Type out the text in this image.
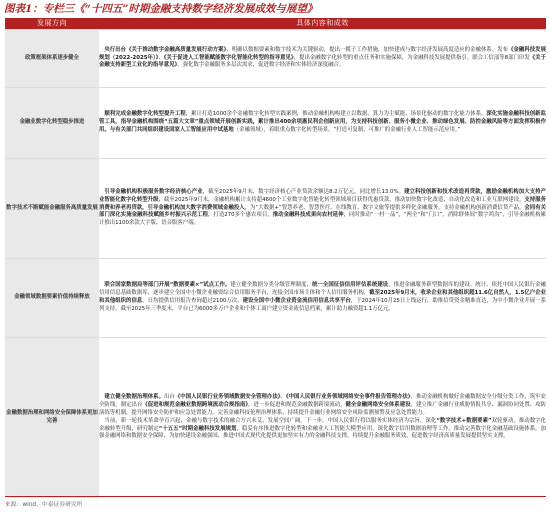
图表1：专栏三《“十四五”时期金融支持数字经济发展成效与展望》
发展方向	具体内容和成效
政策框架体系逐步健全	央行出台《关于推动数字金融高质量发展行动方案》，明确以数据要素和数字技术为关键驱动，提出一揽子工作措施，加快建成与数字经济发展高度适应的金融体系。发布《金融科技发展规划（2022-2025年）》、《关于促进人工智能赋能数字化智能化转型的指导意见》，提出金融数字化转型的重点任务和实施保障，为金融科技发展提供指引。联合工信部等8部门印发《关于金融支持新型工业化的指导意见》，强化数字金融服务多层次需求，促进数字经济和实体经济深度融合。

金融业数字化转型稳步推进	顺利完成金融数字化转型提升工程，累计打造1000余个金融数字化转型实践案例，推动金融机构构建立以数据、算力为主赋能、场景化驱动的数字化能力体系。深化实施金融科技创新监管工具，指导金融机构围绕“五篇大文章”重点领域开展创新实践，累计推出400余项惠民利企创新应用，为支持科技创新、服务小微企业、推动绿色发展、防控金融风险等方面发挥积极作用。与有关部门共同组织建设国家人工智能应用中试基地（金融领域），着眼重点数字化转型场景，“打造可复制、可推广的金融行业人工智能示范应用。”

数字技术不断赋能金融服务高质量发展	引导金融机构积极服务数字经济核心产业，截至2025年9月末，数字经济核心产业贷款余额达8.2万亿元，同比增长13.0%。建立科技创新和技术改造再贷款，激励金融机构加大支持产业智能化数字化转型升级，截至2025年9月末，金融机构累计支持超4600个工业数字化智能化转型领域项目获得优惠贷款，推动加快数字化改造、自动化改造和工业互联网建设。支持服务消费和养老再贷款，引导金融机构加大数字消费领域金融投入，为“大数据+”智慧养老、智慧医疗、在线教育、数字文旅等提供多样化金融服务。支持金融机构创新消费信贷产品。会同有关部门深化实施金融科技赋能乡村振兴示范工程，打造270多个惠农项目，推动金融科技成果向农村延伸，同时推动“一村一品”，“两全”和“门口”，消除群体间“数字鸿沟”，引导金融机构累计推出1100余款大字版、语音版客户端。

金融领域数据要素价值持续释放	联合国家数据局等部门开展“数据要素×”试点工作。建立健全数据分类分级管理制度，统一全国征信信用评估系统建设，推进金融服务新型数据库的建设。统计、依托中国人民银行金融信用信息基础数据库，逐步建立全国中小微企业融资综合信用服务平台，连接全国市场主体和个人信用服务机构，截至2025年9月末，收录企业和其他组织超11.6亿自然人，1.5亿户企业和其他组织的信息。日均提供信用报告查询超过2100万次。建设全国中小微企业资金流信用信息共享平台，于2024年10月25日上线运行，助推信贷资金精准直达，为中小微企业开展一系列支持。截至2025年三季度末，平台已为6000多万户企业和个体工商户建立资金流信息档案，累计助力融资超1.1万亿元。

金融数据治理和网络安全保障体系更加完善	建立健全数据治理体系。出台《中国人民银行业务领域数据安全管理办法》、《中国人民银行业务领域网络安全事件报告管理办法》，推动金融机构做好金融数据安全分级分类工作，筑牢安全防线。制定出台《促进和规范金融业数据跨境流动合规指南》，进一步促进和规范金融数据跨境流动。健全金融网络安全体系建设，建立推广金融行业威胁情报共享、漏洞协同处置、攻防演练等机制，提升网络安全防护和应急处置能力。完善金融科技伦理治理体系，持续提升金融行业网络安全风险监测预警及应急处置能力。
当前，新一轮技术革命孕育兴起，金融与数字技术的融合方兴未艾，发展空间广阔。下一步，中国人民银行将以服务实体经济为宗旨，深化“数字技术+数据要素”双轮驱动，推动数字化金融转型升级，研究制定“十五五”时期金融科技发展规划，稳妥有序推进数字化转型和金融业人工智能大模型应用，深化数字信用数据治理等工作，推动完善数字化金融基础设施体系，加强金融网络和数据安全保障，为加快建设金融强国、推进中国式现代化提供更加坚实有力的金融科技支撑，持续提升金融服务质效，促进数字经济高质量发展提供坚实支撑。
来源：wind，中泰证券研究所
